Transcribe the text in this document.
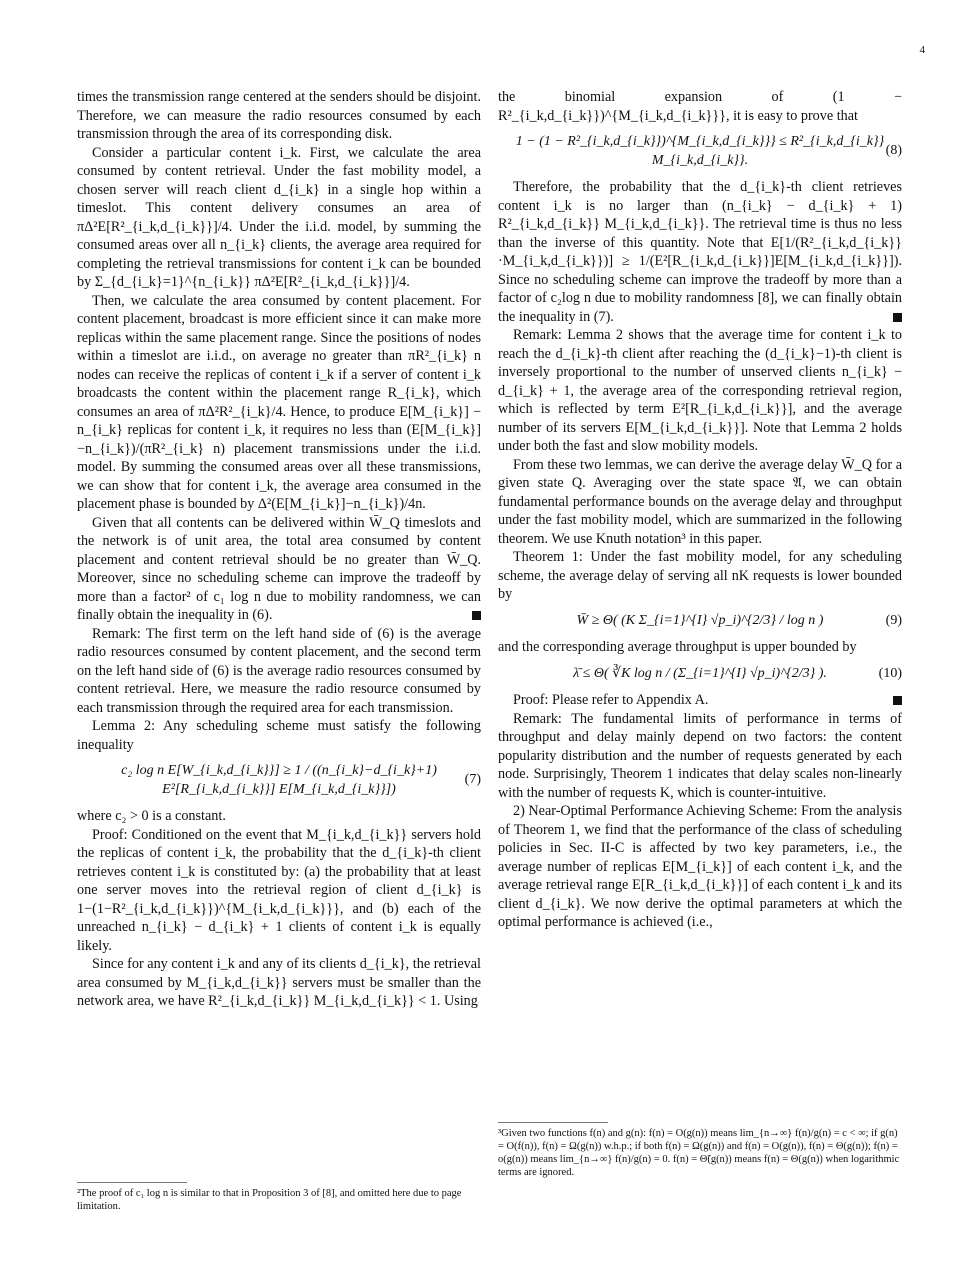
4

times the transmission range centered at the senders should be disjoint. Therefore, we can measure the radio resources consumed by each transmission through the area of its corresponding disk.

Consider a particular content i_k. First, we calculate the area consumed by content retrieval. Under the fast mobility model, a chosen server will reach client d_{i_k} in a single hop within a timeslot. This content delivery consumes an area of πΔ²E[R²_{i_k,d_{i_k}}]/4. Under the i.i.d. model, by summing the consumed areas over all n_{i_k} clients, the average area required for completing the retrieval transmissions for content i_k can be bounded by Σ_{d_{i_k}=1}^{n_{i_k}} πΔ²E[R²_{i_k,d_{i_k}}]/4.

Then, we calculate the area consumed by content placement. For content placement, broadcast is more efficient since it can make more replicas within the same placement range. Since the positions of nodes within a timeslot are i.i.d., on average no greater than πR²_{i_k} n nodes can receive the replicas of content i_k if a server of content i_k broadcasts the content within the placement range R_{i_k}, which consumes an area of πΔ²R²_{i_k}/4. Hence, to produce E[M_{i_k}] − n_{i_k} replicas for content i_k, it requires no less than (E[M_{i_k}]−n_{i_k})/(πR²_{i_k} n) placement transmissions under the i.i.d. model. By summing the consumed areas over all these transmissions, we can show that for content i_k, the average area consumed in the placement phase is bounded by Δ²(E[M_{i_k}]−n_{i_k})/4n.

Given that all contents can be delivered within W̄_Q timeslots and the network is of unit area, the total area consumed by content placement and content retrieval should be no greater than W̄_Q. Moreover, since no scheduling scheme can improve the tradeoff by more than a factor² of c₁ log n due to mobility randomness, we can finally obtain the inequality in (6).

Remark: The first term on the left hand side of (6) is the average radio resources consumed by content placement, and the second term on the left hand side of (6) is the average radio resources consumed by content retrieval. Here, we measure the radio resource consumed by each transmission through the required area for each transmission.

Lemma 2: Any scheduling scheme must satisfy the following inequality

c₂ log n E[W_{i_k,d_{i_k}}] ≥ 1 / ((n_{i_k}−d_{i_k}+1) E²[R_{i_k,d_{i_k}}] E[M_{i_k,d_{i_k}}])
(7)

where c₂ > 0 is a constant.

Proof: Conditioned on the event that M_{i_k,d_{i_k}} servers hold the replicas of content i_k, the probability that the d_{i_k}-th client retrieves content i_k is constituted by: (a) the probability that at least one server moves into the retrieval region of client d_{i_k} is 1−(1−R²_{i_k,d_{i_k}})^{M_{i_k,d_{i_k}}}, and (b) each of the unreached n_{i_k} − d_{i_k} + 1 clients of content i_k is equally likely.

Since for any content i_k and any of its clients d_{i_k}, the retrieval area consumed by M_{i_k,d_{i_k}} servers must be smaller than the network area, we have R²_{i_k,d_{i_k}} M_{i_k,d_{i_k}} < 1. Using

the binomial expansion of (1 − R²_{i_k,d_{i_k}})^{M_{i_k,d_{i_k}}}, it is easy to prove that

1 − (1 − R²_{i_k,d_{i_k}})^{M_{i_k,d_{i_k}}} ≤ R²_{i_k,d_{i_k}} M_{i_k,d_{i_k}}.
(8)

Therefore, the probability that the d_{i_k}-th client retrieves content i_k is no larger than (n_{i_k} − d_{i_k} + 1) R²_{i_k,d_{i_k}} M_{i_k,d_{i_k}}. The retrieval time is thus no less than the inverse of this quantity. Note that E[1/(R²_{i_k,d_{i_k}}·M_{i_k,d_{i_k}})] ≥ 1/(E²[R_{i_k,d_{i_k}}]E[M_{i_k,d_{i_k}}]). Since no scheduling scheme can improve the tradeoff by more than a factor of c₂log n due to mobility randomness [8], we can finally obtain the inequality in (7).

Remark: Lemma 2 shows that the average time for content i_k to reach the d_{i_k}-th client after reaching the (d_{i_k}−1)-th client is inversely proportional to the number of unserved clients n_{i_k} − d_{i_k} + 1, the average area of the corresponding retrieval region, which is reflected by term E²[R_{i_k,d_{i_k}}], and the average number of its servers E[M_{i_k,d_{i_k}}]. Note that Lemma 2 holds under both the fast and slow mobility models.

From these two lemmas, we can derive the average delay W̄_Q for a given state Q. Averaging over the state space 𝔄, we can obtain fundamental performance bounds on the average delay and throughput under the fast mobility model, which are summarized in the following theorem. We use Knuth notation³ in this paper.

Theorem 1: Under the fast mobility model, for any scheduling scheme, the average delay of serving all nK requests is lower bounded by

W̄ ≥ Θ( (K Σ_{i=1}^{I} √p_i)^{2/3} / log n )	(9)

and the corresponding average throughput is upper bounded by

λ̄ ≤ Θ( ∛K log n / (Σ_{i=1}^{I} √p_i)^{2/3} ).	(10)

Proof: Please refer to Appendix A.

Remark: The fundamental limits of performance in terms of throughput and delay mainly depend on two factors: the content popularity distribution and the number of requests generated by each node. Surprisingly, Theorem 1 indicates that delay scales non-linearly with the number of requests K, which is counter-intuitive.

2) Near-Optimal Performance Achieving Scheme: From the analysis of Theorem 1, we find that the performance of the class of scheduling policies in Sec. II-C is affected by two key parameters, i.e., the average number of replicas E[M_{i_k}] of each content i_k, and the average retrieval range E[R_{i_k,d_{i_k}}] of each content i_k and its client d_{i_k}. We now derive the optimal parameters at which the optimal performance is achieved (i.e.,

²The proof of c₁ log n is similar to that in Proposition 3 of [8], and omitted here due to page limitation.
³Given two functions f(n) and g(n): f(n) = O(g(n)) means lim_{n→∞} f(n)/g(n) = c < ∞; if g(n) = O(f(n)), f(n) = Ω(g(n)) w.h.p.; if both f(n) = Ω(g(n)) and f(n) = O(g(n)), f(n) = Θ(g(n)); f(n) = o(g(n)) means lim_{n→∞} f(n)/g(n) = 0. f(n) = Θ̃(g(n)) means f(n) = Θ(g(n)) when logarithmic terms are ignored.
